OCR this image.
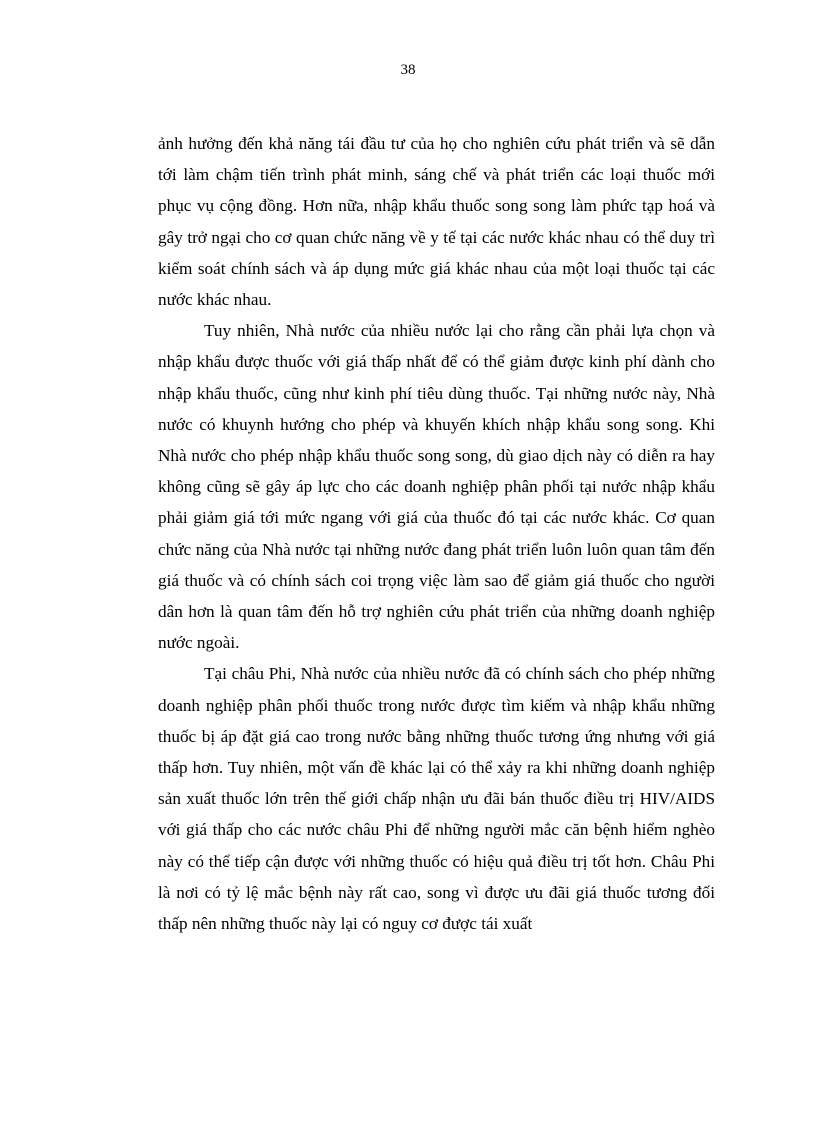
38

ảnh hưởng đến khả năng tái đầu tư của họ cho nghiên cứu phát triển và sẽ dẫn tới làm chậm tiến trình phát minh, sáng chế và phát triển các loại thuốc mới phục vụ cộng đồng. Hơn nữa, nhập khẩu thuốc song song làm phức tạp hoá và gây trở ngại cho cơ quan chức năng về y tế tại các nước khác nhau có thể duy trì kiểm soát chính sách và áp dụng mức giá khác nhau của một loại thuốc tại các nước khác nhau.

Tuy nhiên, Nhà nước của nhiều nước lại cho rằng cần phải lựa chọn và nhập khẩu được thuốc với giá thấp nhất để có thể giảm được kinh phí dành cho nhập khẩu thuốc, cũng như kinh phí tiêu dùng thuốc. Tại những nước này, Nhà nước có khuynh hướng cho phép và khuyến khích nhập khẩu song song. Khi Nhà nước cho phép nhập khẩu thuốc song song, dù giao dịch này có diễn ra hay không cũng sẽ gây áp lực cho các doanh nghiệp phân phối tại nước nhập khẩu phải giảm giá tới mức ngang với giá của thuốc đó tại các nước khác. Cơ quan chức năng của Nhà nước tại những nước đang phát triển luôn luôn quan tâm đến giá thuốc và có chính sách coi trọng việc làm sao để giảm giá thuốc cho người dân hơn là quan tâm đến hỗ trợ nghiên cứu phát triển của những doanh nghiệp nước ngoài.

Tại châu Phi, Nhà nước của nhiều nước đã có chính sách cho phép những doanh nghiệp phân phối thuốc trong nước được tìm kiếm và nhập khẩu những thuốc bị áp đặt giá cao trong nước bằng những thuốc tương ứng nhưng với giá thấp hơn. Tuy nhiên, một vấn đề khác lại có thể xảy ra khi những doanh nghiệp sản xuất thuốc lớn trên thế giới chấp nhận ưu đãi bán thuốc điều trị HIV/AIDS với giá thấp cho các nước châu Phi để những người mắc căn bệnh hiểm nghèo này có thể tiếp cận được với những thuốc có hiệu quả điều trị tốt hơn. Châu Phi là nơi có tỷ lệ mắc bệnh này rất cao, song vì được ưu đãi giá thuốc tương đối thấp nên những thuốc này lại có nguy cơ được tái xuất
